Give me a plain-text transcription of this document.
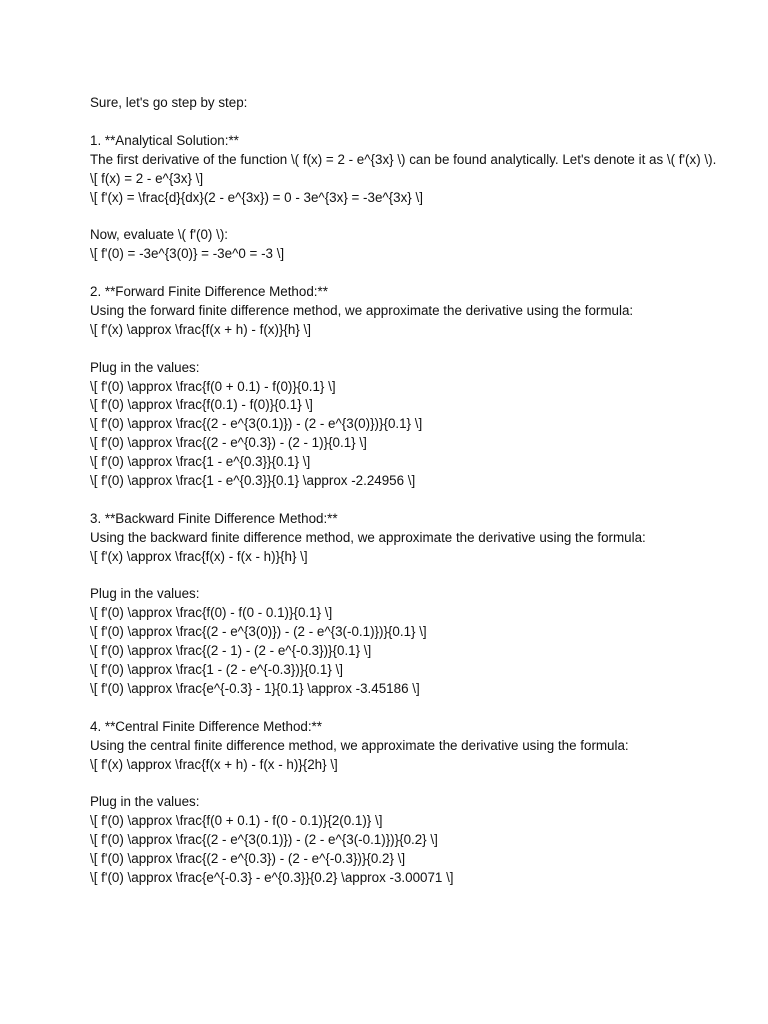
Sure, let's go step by step:
1. **Analytical Solution:**
The first derivative of the function \( f(x) = 2 - e^{3x} \) can be found analytically. Let's denote it as \( f'(x) \).
\[ f(x) = 2 - e^{3x} \]
\[ f'(x) = \frac{d}{dx}(2 - e^{3x}) = 0 - 3e^{3x} = -3e^{3x} \]
Now, evaluate \( f'(0) \):
\[ f'(0) = -3e^{3(0)} = -3e^0 = -3 \]
2. **Forward Finite Difference Method:**
Using the forward finite difference method, we approximate the derivative using the formula:
\[ f'(x) \approx \frac{f(x + h) - f(x)}{h} \]
Plug in the values:
\[ f'(0) \approx \frac{f(0 + 0.1) - f(0)}{0.1} \]
\[ f'(0) \approx \frac{f(0.1) - f(0)}{0.1} \]
\[ f'(0) \approx \frac{(2 - e^{3(0.1)}) - (2 - e^{3(0)})}{0.1} \]
\[ f'(0) \approx \frac{(2 - e^{0.3}) - (2 - 1)}{0.1} \]
\[ f'(0) \approx \frac{1 - e^{0.3}}{0.1} \]
\[ f'(0) \approx \frac{1 - e^{0.3}}{0.1} \approx -2.24956 \]
3. **Backward Finite Difference Method:**
Using the backward finite difference method, we approximate the derivative using the formula:
\[ f'(x) \approx \frac{f(x) - f(x - h)}{h} \]
Plug in the values:
\[ f'(0) \approx \frac{f(0) - f(0 - 0.1)}{0.1} \]
\[ f'(0) \approx \frac{(2 - e^{3(0)}) - (2 - e^{3(-0.1)})}{0.1} \]
\[ f'(0) \approx \frac{(2 - 1) - (2 - e^{-0.3})}{0.1} \]
\[ f'(0) \approx \frac{1 - (2 - e^{-0.3})}{0.1} \]
\[ f'(0) \approx \frac{e^{-0.3} - 1}{0.1} \approx -3.45186 \]
4. **Central Finite Difference Method:**
Using the central finite difference method, we approximate the derivative using the formula:
\[ f'(x) \approx \frac{f(x + h) - f(x - h)}{2h} \]
Plug in the values:
\[ f'(0) \approx \frac{f(0 + 0.1) - f(0 - 0.1)}{2(0.1)} \]
\[ f'(0) \approx \frac{(2 - e^{3(0.1)}) - (2 - e^{3(-0.1)})}{0.2} \]
\[ f'(0) \approx \frac{(2 - e^{0.3}) - (2 - e^{-0.3})}{0.2} \]
\[ f'(0) \approx \frac{e^{-0.3} - e^{0.3}}{0.2} \approx -3.00071 \]
